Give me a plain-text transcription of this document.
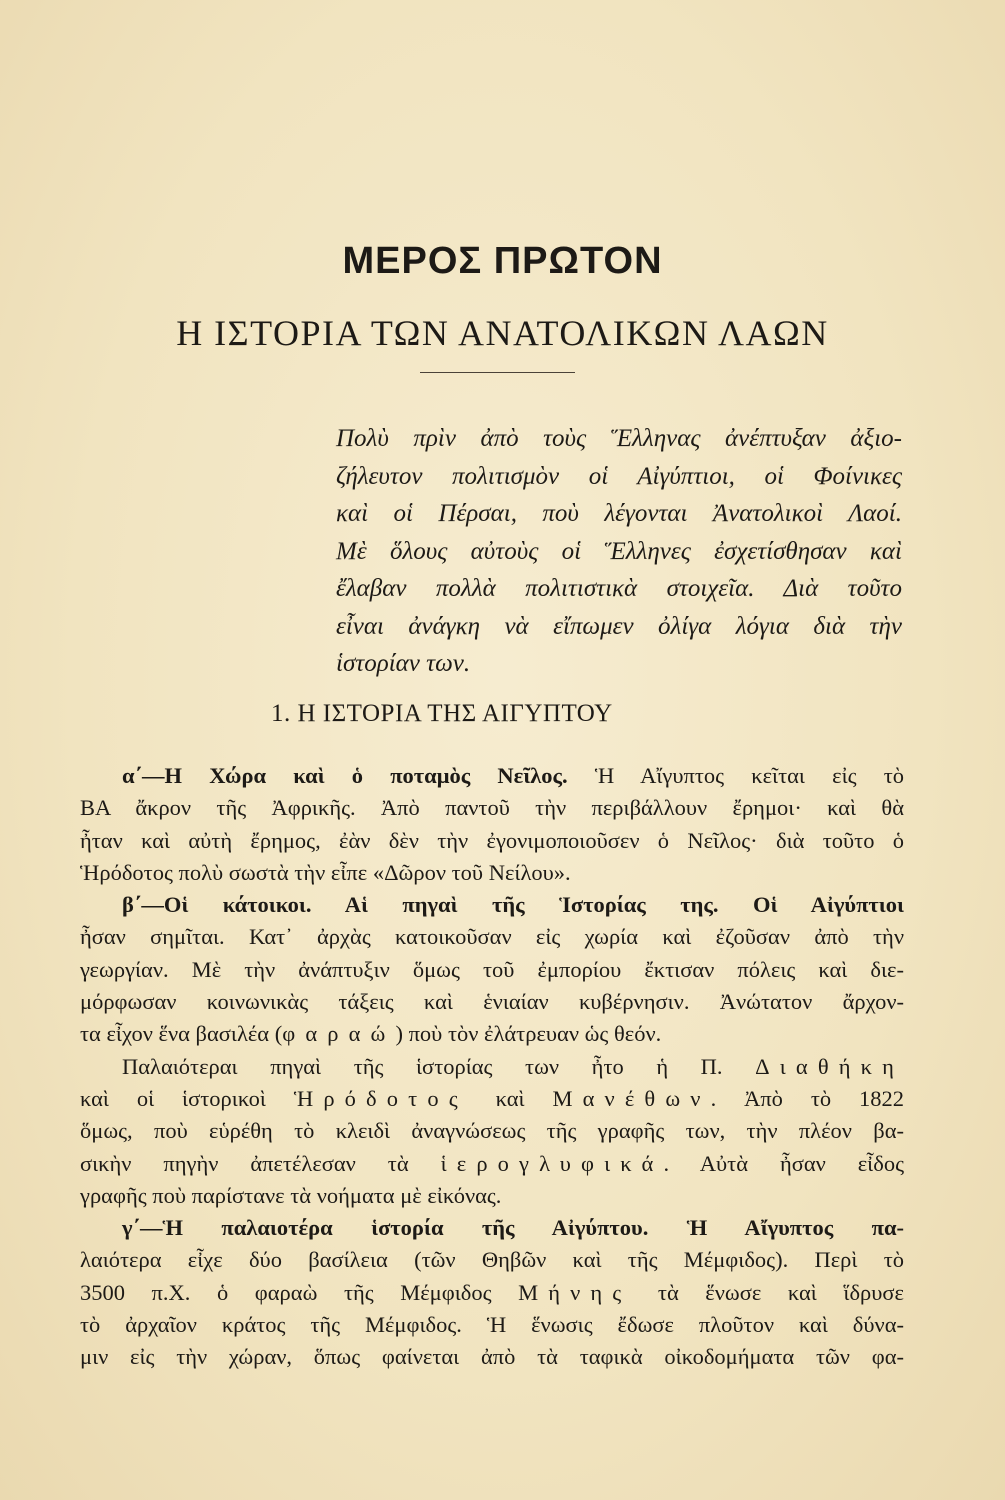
ΜΕΡΟΣ ΠΡΩΤΟΝ
Η ΙΣΤΟΡΙΑ ΤΩΝ ΑΝΑΤΟΛΙΚΩΝ ΛΑΩΝ
Πολὺ πρὶν ἀπὸ τοὺς Ἕλληνας ἀνέπτυξαν ἀξιο-
ζήλευτον πολιτισμὸν οἱ Αἰγύπτιοι, οἱ Φοίνικες
καὶ οἱ Πέρσαι, ποὺ λέγονται Ἀνατολικοὶ Λαοί.
Μὲ ὅλους αὐτοὺς οἱ Ἕλληνες ἐσχετίσθησαν καὶ
ἔλαβαν πολλὰ πολιτιστικὰ στοιχεῖα. Διὰ τοῦτο
εἶναι ἀνάγκη νὰ εἴπωμεν ὀλίγα λόγια διὰ τὴν
ἱστορίαν των.
1. Η ΙΣΤΟΡΙΑ ΤΗΣ ΑΙΓΥΠΤΟΥ
α΄—Η Χώρα καὶ ὁ ποταμὸς Νεῖλος. Ἡ Αἴγυπτος κεῖται εἰς τὸ
ΒΑ ἄκρον τῆς Ἀφρικῆς. Ἀπὸ παντοῦ τὴν περιβάλλουν ἔρημοι· καὶ θὰ
ἦταν καὶ αὐτὴ ἔρημος, ἐὰν δὲν τὴν ἐγονιμοποιοῦσεν ὁ Νεῖλος· διὰ τοῦτο ὁ
Ἡρόδοτος πολὺ σωστὰ τὴν εἶπε «Δῶρον τοῦ Νείλου».
β΄—Οἱ κάτοικοι. Αἱ πηγαὶ τῆς Ἱστορίας της. Οἱ Αἰγύπτιοι
ἦσαν σημῖται. Κατ᾿ ἀρχὰς κατοικοῦσαν εἰς χωρία καὶ ἐζοῦσαν ἀπὸ τὴν
γεωργίαν. Μὲ τὴν ἀνάπτυξιν ὅμως τοῦ ἐμπορίου ἔκτισαν πόλεις καὶ διε-
μόρφωσαν κοινωνικὰς τάξεις καὶ ἑνιαίαν κυβέρνησιν. Ἀνώτατον ἄρχον-
τα εἶχον ἕνα βασιλέα (φαραώ) ποὺ τὸν ἐλάτρευαν ὡς θεόν.
Παλαιότεραι πηγαὶ τῆς ἱστορίας των ἦτο ἡ Π. Διαθήκη
καὶ οἱ ἱστορικοὶ Ἡρόδοτος καὶ Μανέθων. Ἀπὸ τὸ 1822
ὅμως, ποὺ εὑρέθη τὸ κλειδὶ ἀναγνώσεως τῆς γραφῆς των, τὴν πλέον βα-
σικὴν πηγὴν ἀπετέλεσαν τὰ ἱερογλυφικά. Αὐτὰ ἦσαν εἶδος
γραφῆς ποὺ παρίστανε τὰ νοήματα μὲ εἰκόνας.
γ΄—Ἡ παλαιοτέρα ἱστορία τῆς Αἰγύπτου. Ἡ Αἴγυπτος πα-
λαιότερα εἶχε δύο βασίλεια (τῶν Θηβῶν καὶ τῆς Μέμφιδος). Περὶ τὸ
3500 π.Χ. ὁ φαραὼ τῆς Μέμφιδος Μήνης τὰ ἕνωσε καὶ ἵδρυσε
τὸ ἀρχαῖον κράτος τῆς Μέμφιδος. Ἡ ἕνωσις ἔδωσε πλοῦτον καὶ δύνα-
μιν εἰς τὴν χώραν, ὅπως φαίνεται ἀπὸ τὰ ταφικὰ οἰκοδομήματα τῶν φα-
